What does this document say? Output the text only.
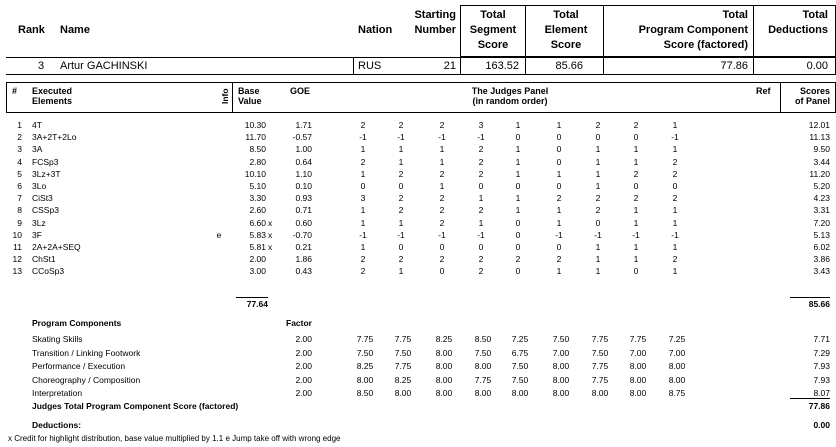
Rank Name	Nation
Starting
Number
Total
Segment
Score
Total
Element
Score
Total
Program Component
Score (factored)
Total
Deductions
3 Artur GACHINSKI	RUS	21	163.52	85.66	77.86	0.00
# Executed
Elements	Info Base
Value
GOE	The Judges Panel
(in random order)
Ref	Scores
of Panel
1 4T	10.30	1.71	2	2	2	3	1	1	2	2	1	12.01
2 3A+2T+2Lo	11.70	-0.57	-1	-1	-1	-1	0	0	0	0	-1	11.13
3 3A	8.50	1.00	1	1	1	2	1	0	1	1	1	9.50
4 FCSp3	2.80	0.64	2	1	1	2	1	0	1	1	2	3.44
5 3Lz+3T	10.10	1.10	1	2	2	2	1	1	1	2	2	11.20
6 3Lo	5.10	0.10	0	0	1	0	0	0	1	0	0	5.20
7 CiSt3	3.30	0.93	3	2	2	1	1	2	2	2	2	4.23
8 CSSp3	2.60	0.71	1	2	2	2	1	1	2	1	1	3.31
9 3Lz	6.60 x	0.60	1	1	2	1	0	1	0	1	1	7.20
10 3F	e	5.83 x	-0.70	-1	-1	-1	-1	0	-1	-1	-1	-1	5.13
11 2A+2A+SEQ	5.81 x	0.21	1	0	0	0	0	0	1	1	1	6.02
12 ChSt1	2.00	1.86	2	2	2	2	2	2	1	1	2	3.86
13 CCoSp3	3.00	0.43	2	1	0	2	0	1	1	0	1	3.43
77.64	85.66
Program Components	Factor
Skating Skills	2.00	7.75	7.75	8.25	8.50	7.25	7.50	7.75	7.75	7.25	7.71
Transition / Linking Footwork	2.00	7.50	7.50	8.00	7.50	6.75	7.00	7.50	7.00	7.00	7.29
Performance / Execution	2.00	8.25	7.75	8.00	8.00	7.50	8.00	7.75	8.00	8.00	7.93
Choreography / Composition	2.00	8.00	8.25	8.00	7.75	7.50	8.00	7.75	8.00	8.00	7.93
Interpretation	2.00	8.50	8.00	8.00	8.00	8.00	8.00	8.00	8.00	8.75	8.07
Judges Total Program Component Score (factored)	77.86
Deductions:	0.00
x Credit for highlight distribution, base value multiplied by 1.1 e Jump take off with wrong edge
